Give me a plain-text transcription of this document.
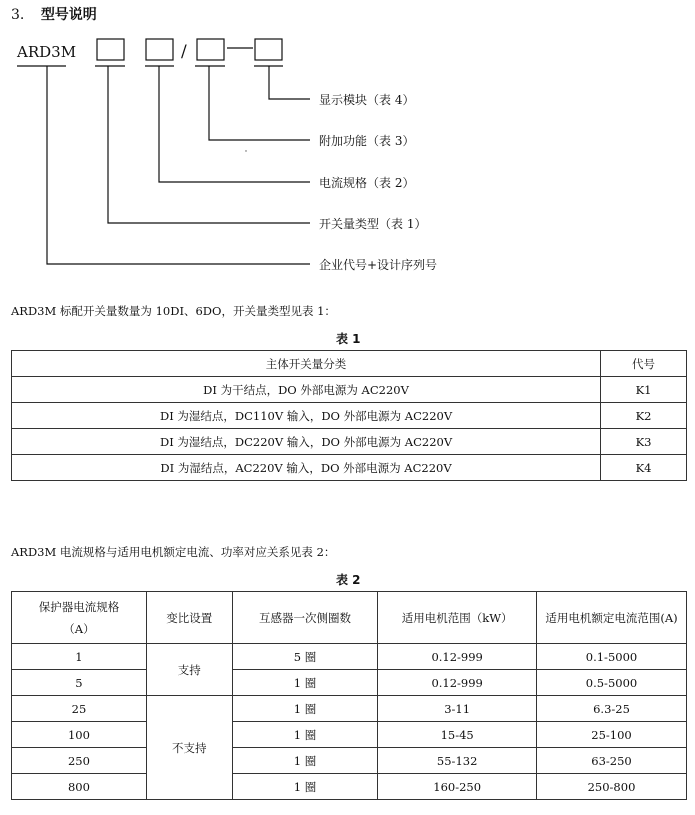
3. 型号说明
ARD3M	/
显示模块（表 4）
附加功能（表 3）
电流规格（表 2）
开关量类型（表 1）
企业代号+设计序列号
ARD3M 标配开关量数量为 10DI、6DO，开关量类型见表 1：
表 1
主体开关量分类	代号
DI 为干结点，DO 外部电源为 AC220V	K1
DI 为湿结点，DC110V 输入，DO 外部电源为 AC220V	K2
DI 为湿结点，DC220V 输入，DO 外部电源为 AC220V	K3
DI 为湿结点，AC220V 输入，DO 外部电源为 AC220V	K4
ARD3M 电流规格与适用电机额定电流、功率对应关系见表 2：
表 2
保护器电流规格（A）	变比设置	互感器一次侧圈数	适用电机范围（kW）	适用电机额定电流范围(A)
1	支持	5 圈	0.12-999	0.1-5000
5		1 圈	0.12-999	0.5-5000
25	不支持	1 圈	3-11	6.3-25
100		1 圈	15-45	25-100
250		1 圈	55-132	63-250
800		1 圈	160-250	250-800
